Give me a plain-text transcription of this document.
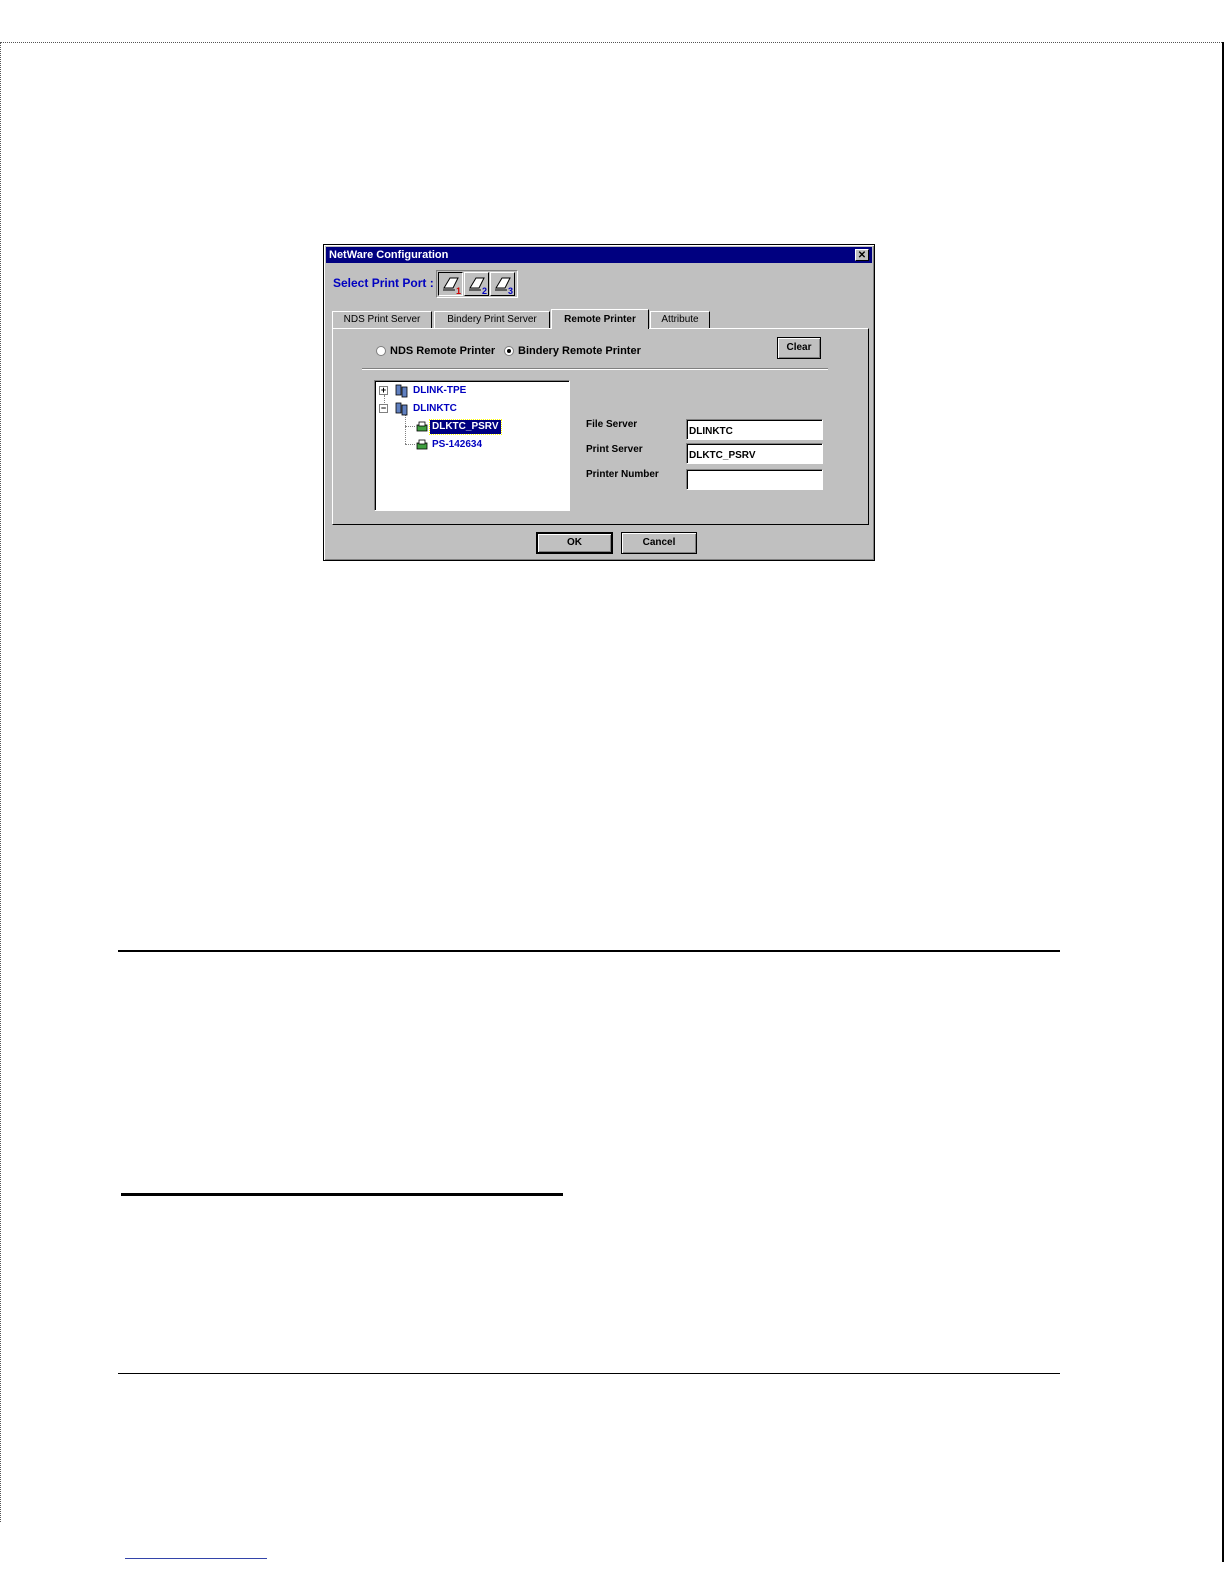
NetWare Configuration	✕
Select Print Port :
1 2 3
NDS Print Server	Bindery Print Server	Remote Printer	Attribute
NDS Remote Printer	Bindery Remote Printer	Clear
+	DLINK-TPE
−	DLINKTC
DLKTC_PSRV
PS-142634
File Server
DLINKTC
Print Server
DLKTC_PSRV
Printer Number
OK	Cancel
